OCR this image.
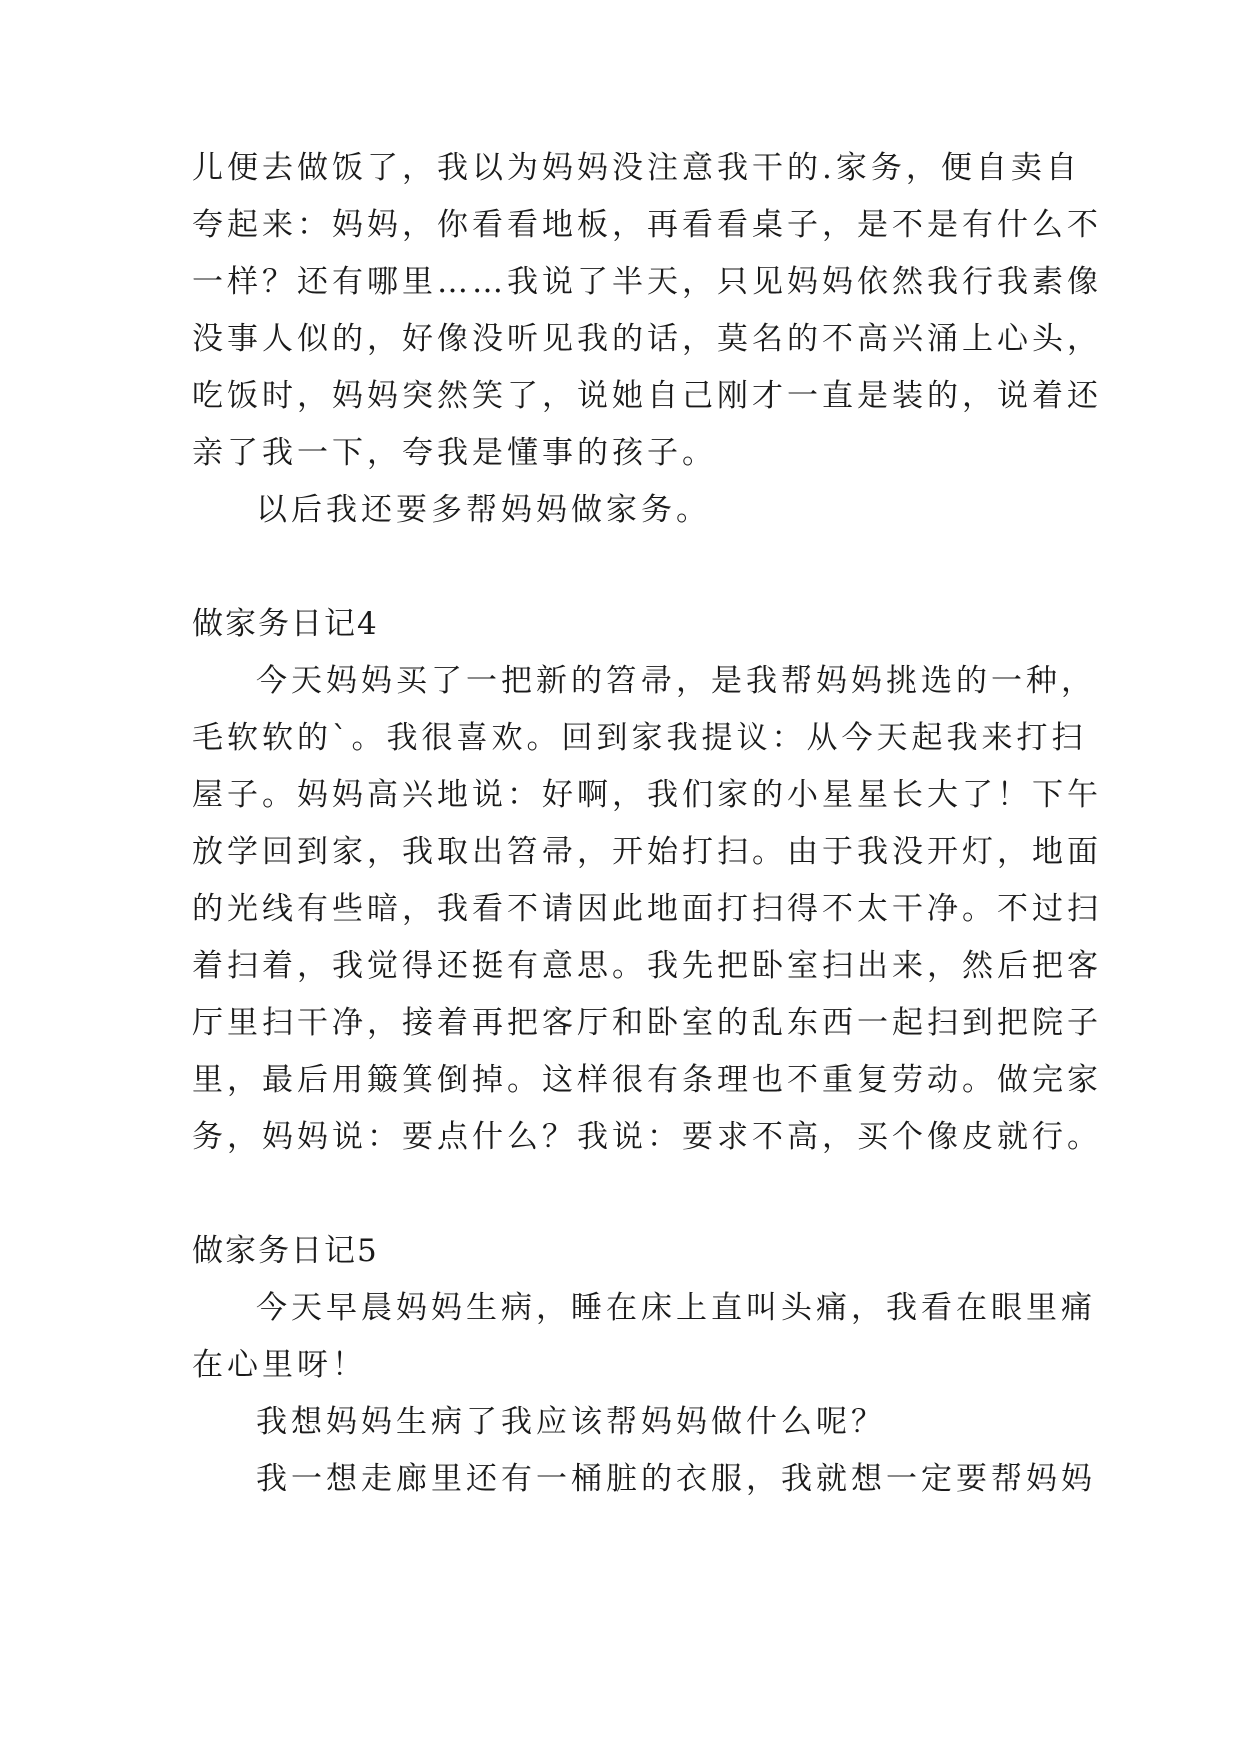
儿便去做饭了，我以为妈妈没注意我干的.家务，便自卖自
夸起来：妈妈，你看看地板，再看看桌子，是不是有什么不
一样？还有哪里……我说了半天，只见妈妈依然我行我素像
没事人似的，好像没听见我的话，莫名的不高兴涌上心头，
吃饭时，妈妈突然笑了，说她自己刚才一直是装的，说着还
亲了我一下，夸我是懂事的孩子。
以后我还要多帮妈妈做家务。
做家务日记4
今天妈妈买了一把新的笤帚，是我帮妈妈挑选的一种，
毛软软的`。我很喜欢。回到家我提议：从今天起我来打扫
屋子。妈妈高兴地说：好啊，我们家的小星星长大了！下午
放学回到家，我取出笤帚，开始打扫。由于我没开灯，地面
的光线有些暗，我看不请因此地面打扫得不太干净。不过扫
着扫着，我觉得还挺有意思。我先把卧室扫出来，然后把客
厅里扫干净，接着再把客厅和卧室的乱东西一起扫到把院子
里，最后用簸箕倒掉。这样很有条理也不重复劳动。做完家
务，妈妈说：要点什么？我说：要求不高，买个像皮就行。
做家务日记5
今天早晨妈妈生病，睡在床上直叫头痛，我看在眼里痛
在心里呀！
我想妈妈生病了我应该帮妈妈做什么呢？
我一想走廊里还有一桶脏的衣服，我就想一定要帮妈妈
